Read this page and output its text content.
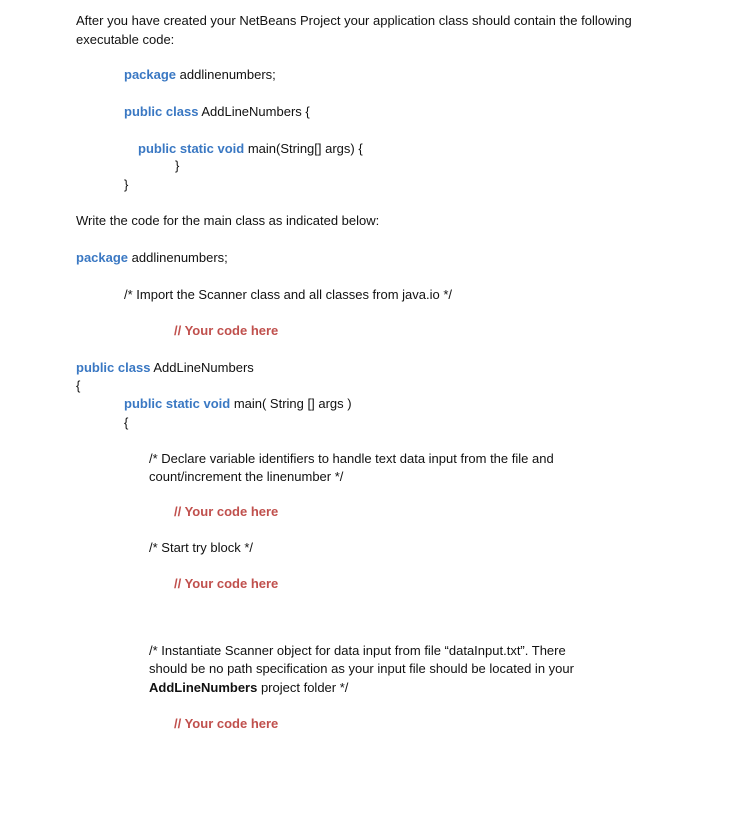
After you have created your NetBeans Project your application class should contain the following
executable code:
package addlinenumbers;
public class AddLineNumbers {
public static void main(String[] args) {
}
}
Write the code for the main class as indicated below:
package addlinenumbers;
/* Import the Scanner class and all classes from java.io */
// Your code here
public class AddLineNumbers
{
public static void main( String [] args )
{
/* Declare variable identifiers to handle text data input from the file and
count/increment the linenumber */
// Your code here
/* Start try block */
// Your code here
/* Instantiate Scanner object for data input from file “dataInput.txt”. There
should be no path specification as your input file should be located in your
AddLineNumbers project folder */
// Your code here
